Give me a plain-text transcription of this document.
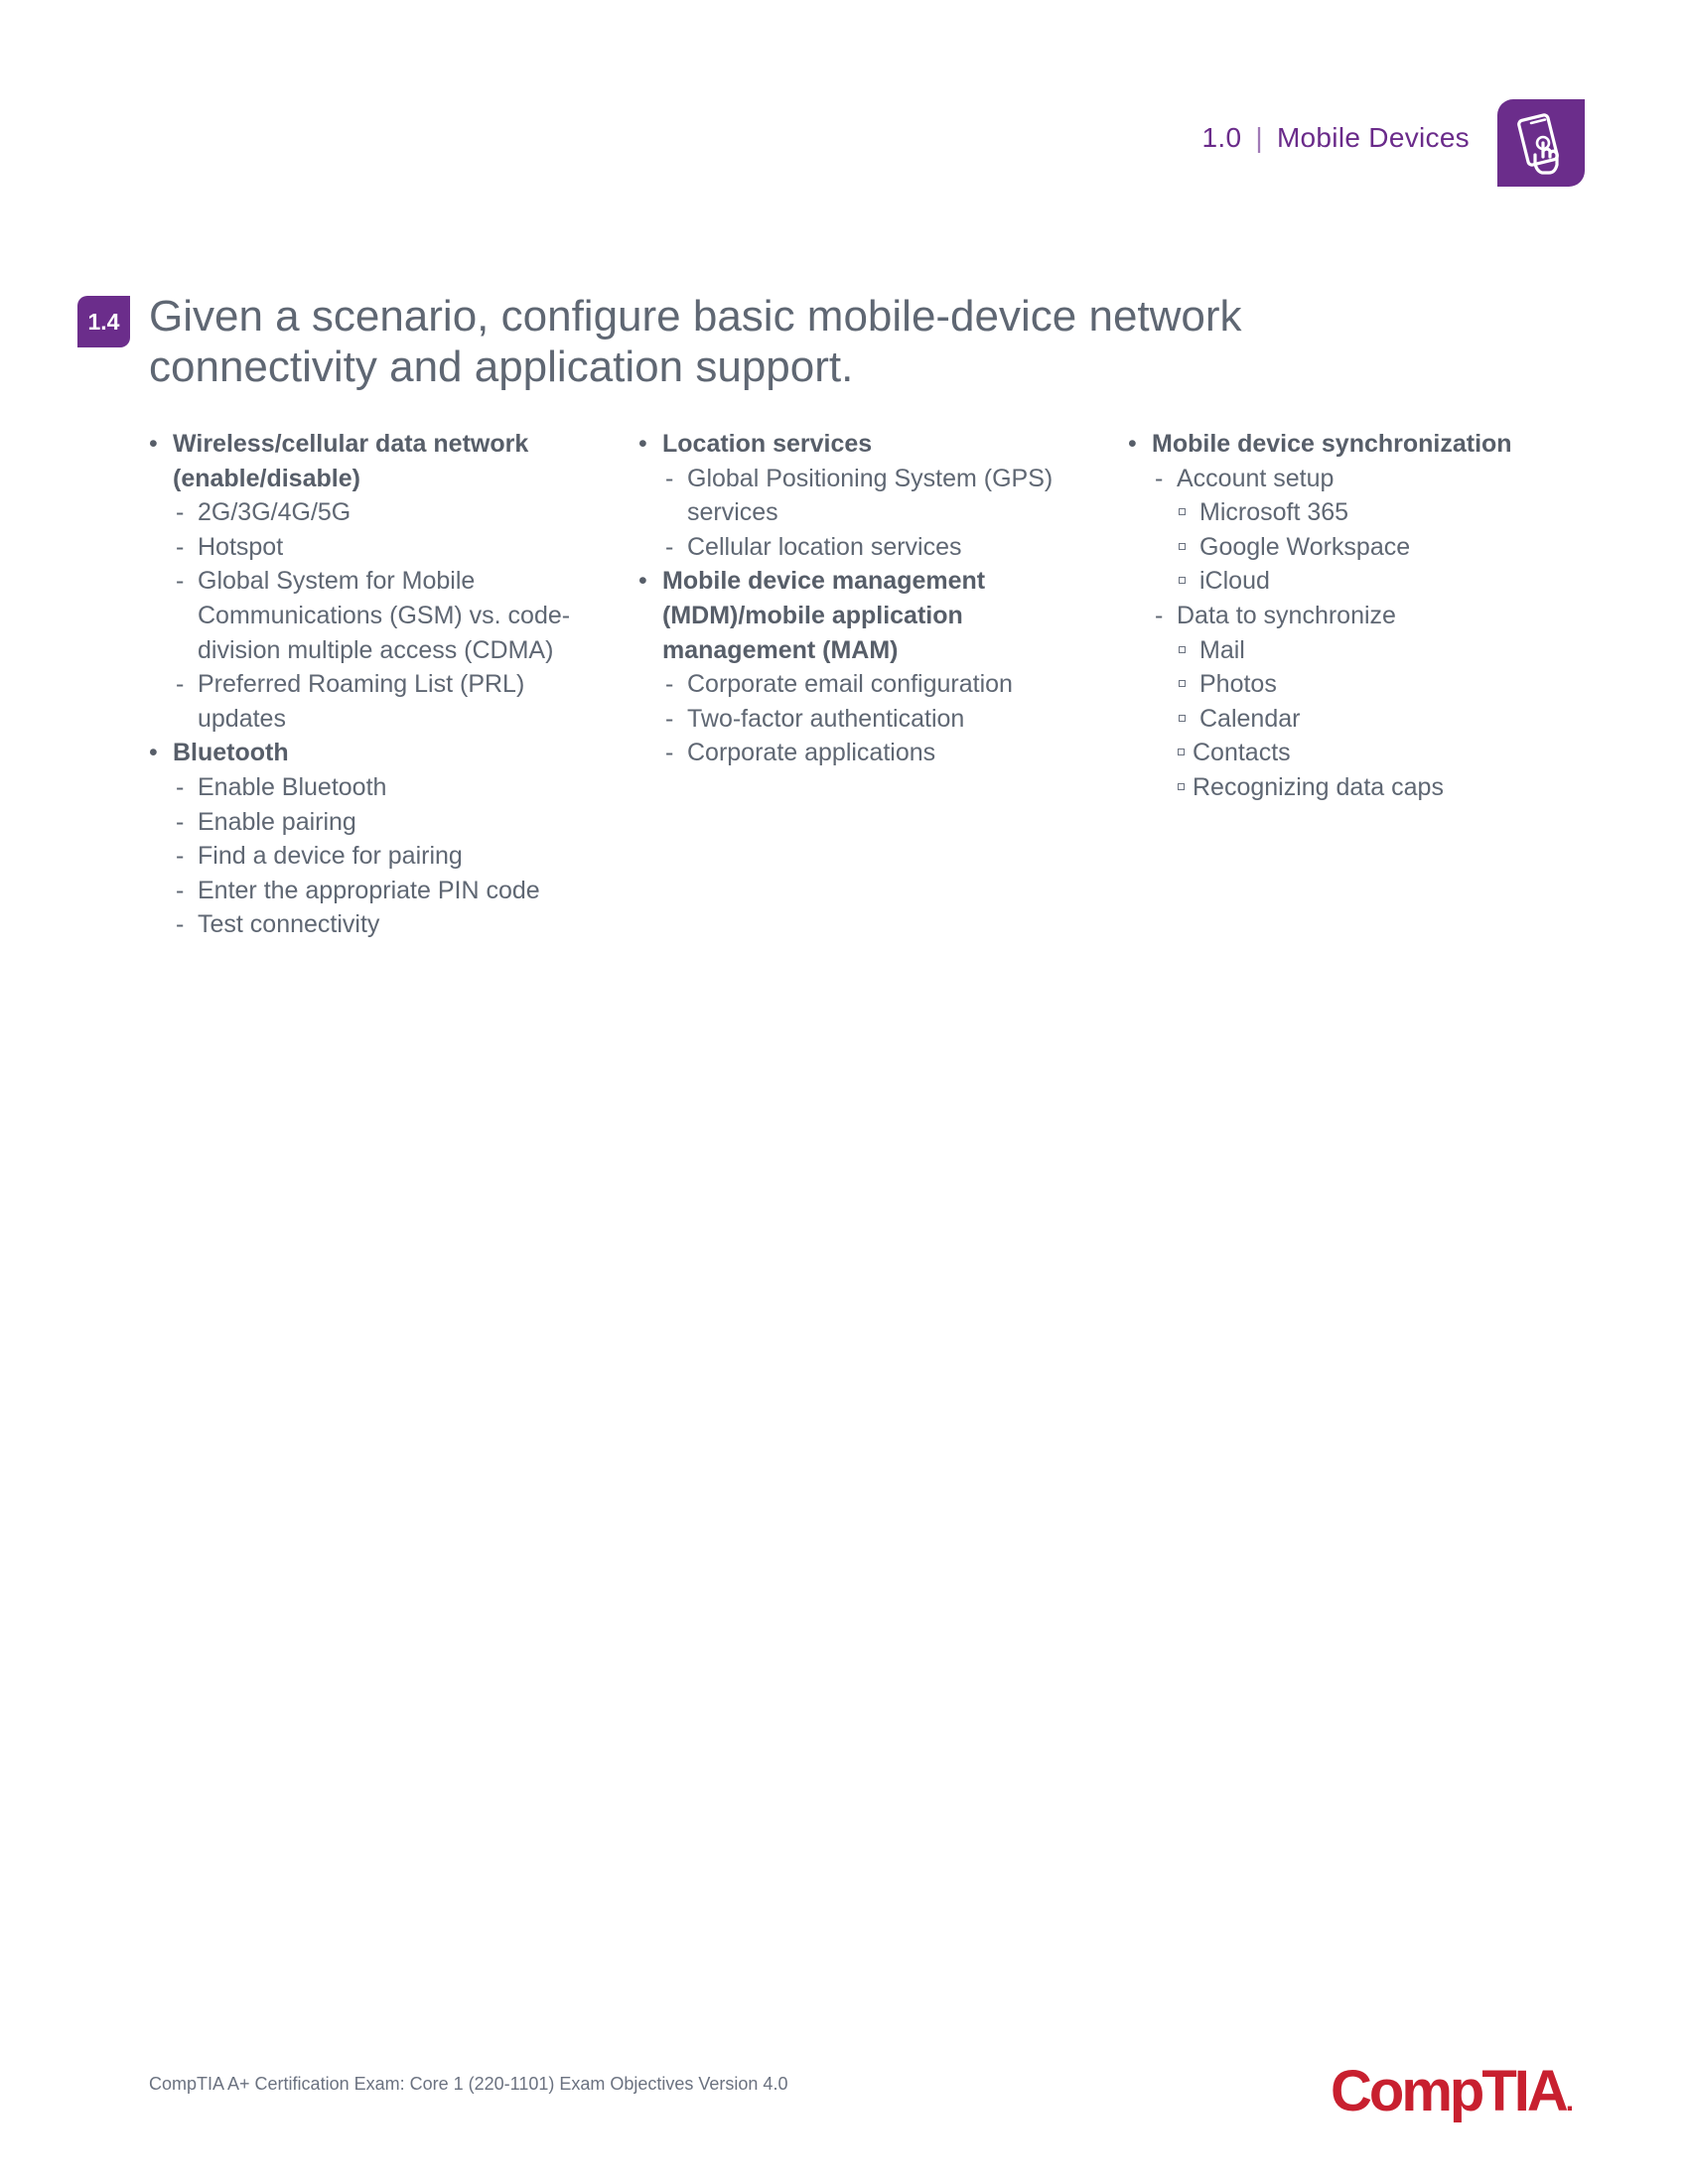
1.0 | Mobile Devices
1.4 Given a scenario, configure basic mobile-device network connectivity and application support.
• Wireless/cellular data network (enable/disable)
- 2G/3G/4G/5G
- Hotspot
- Global System for Mobile Communications (GSM) vs. code-division multiple access (CDMA)
- Preferred Roaming List (PRL) updates
• Bluetooth
- Enable Bluetooth
- Enable pairing
- Find a device for pairing
- Enter the appropriate PIN code
- Test connectivity
• Location services
- Global Positioning System (GPS) services
- Cellular location services
• Mobile device management (MDM)/mobile application management (MAM)
- Corporate email configuration
- Two-factor authentication
- Corporate applications
• Mobile device synchronization
- Account setup
Microsoft 365
Google Workspace
iCloud
- Data to synchronize
Mail
Photos
Calendar
Contacts
Recognizing data caps
CompTIA A+ Certification Exam: Core 1 (220-1101) Exam Objectives Version 4.0	CompTIA.
